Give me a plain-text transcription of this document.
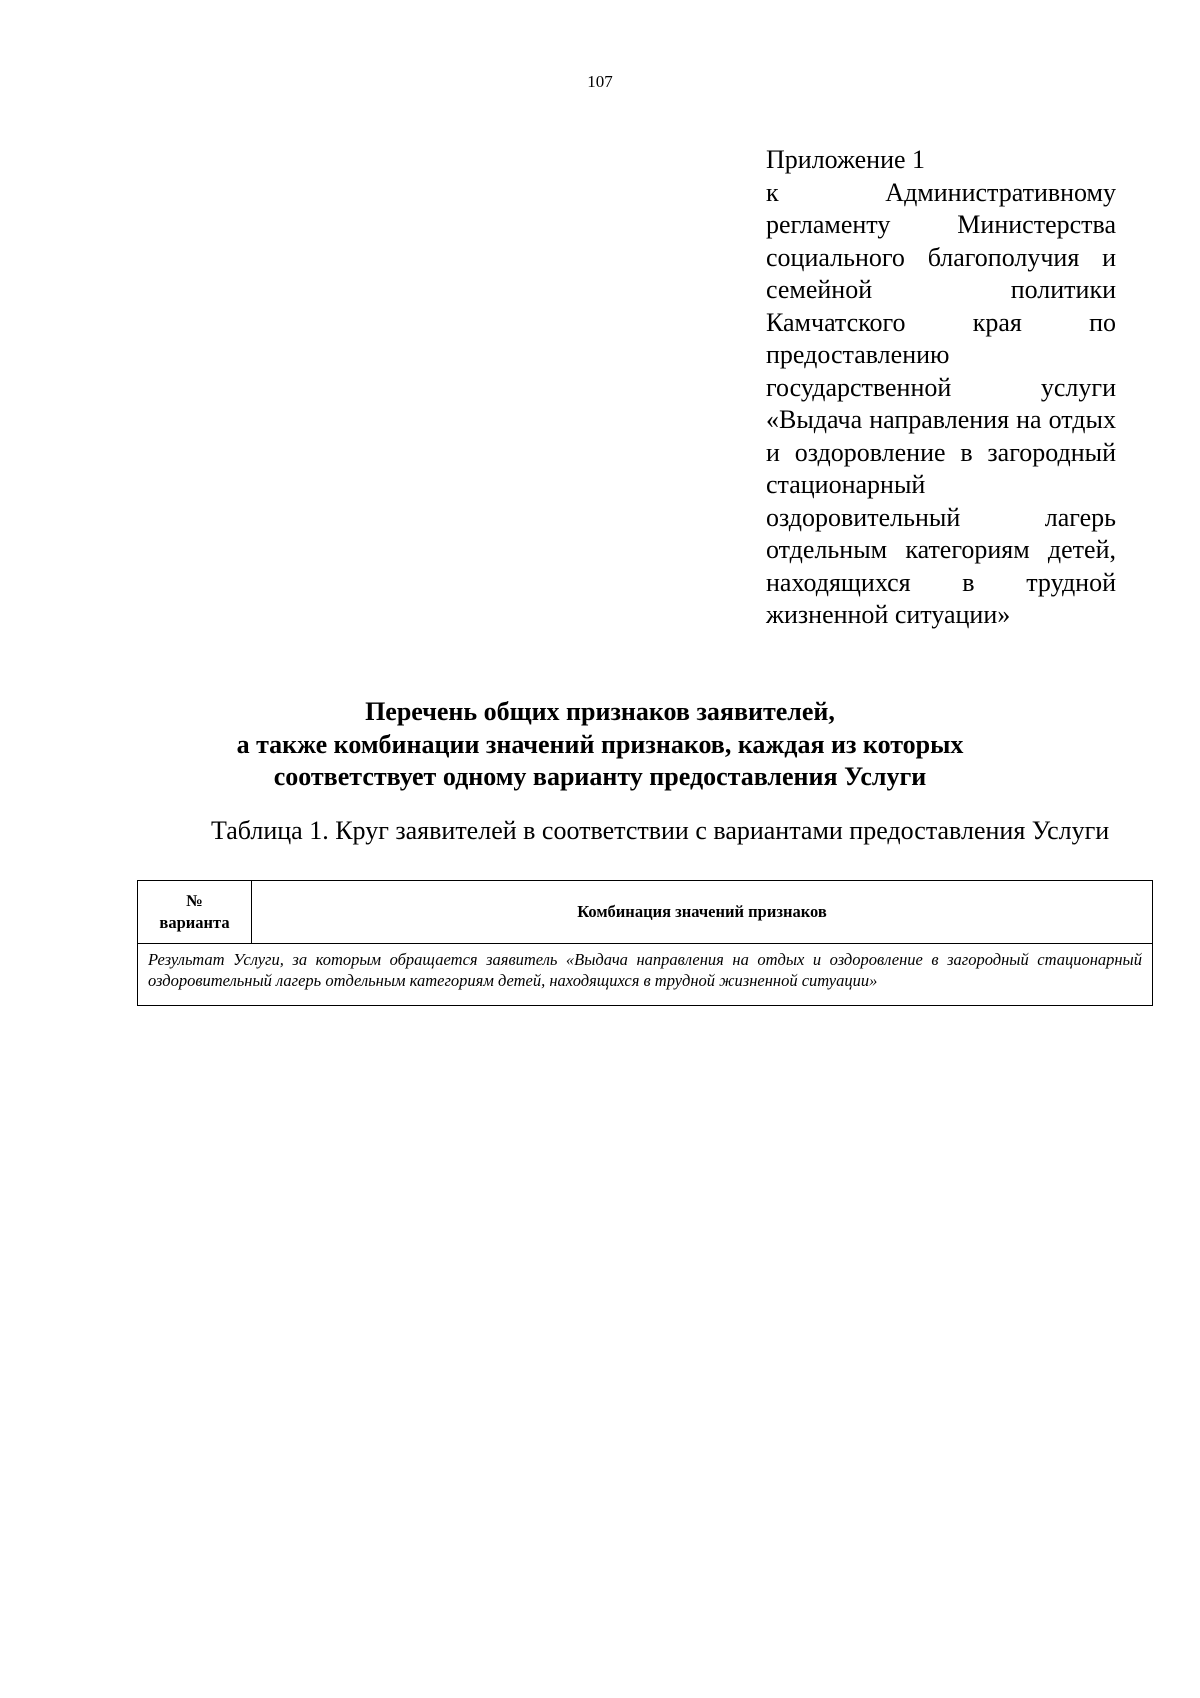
107
Приложение 1
к Административному регламенту Министерства социального благополучия и семейной политики Камчатского края по предоставлению государственной услуги «Выдача направления на отдых и оздоровление в загородный стационарный оздоровительный лагерь отдельным категориям детей, находящихся в трудной жизненной ситуации»
Перечень общих признаков заявителей,
а также комбинации значений признаков, каждая из которых
соответствует одному варианту предоставления Услуги
Таблица 1. Круг заявителей в соответствии с вариантами предоставления Услуги
№
варианта
	Комбинация значений признаков
Результат Услуги, за которым обращается заявитель «Выдача направления на отдых и оздоровление в загородный стационарный оздоровительный лагерь отдельным категориям детей, находящихся в трудной жизненной ситуации»
